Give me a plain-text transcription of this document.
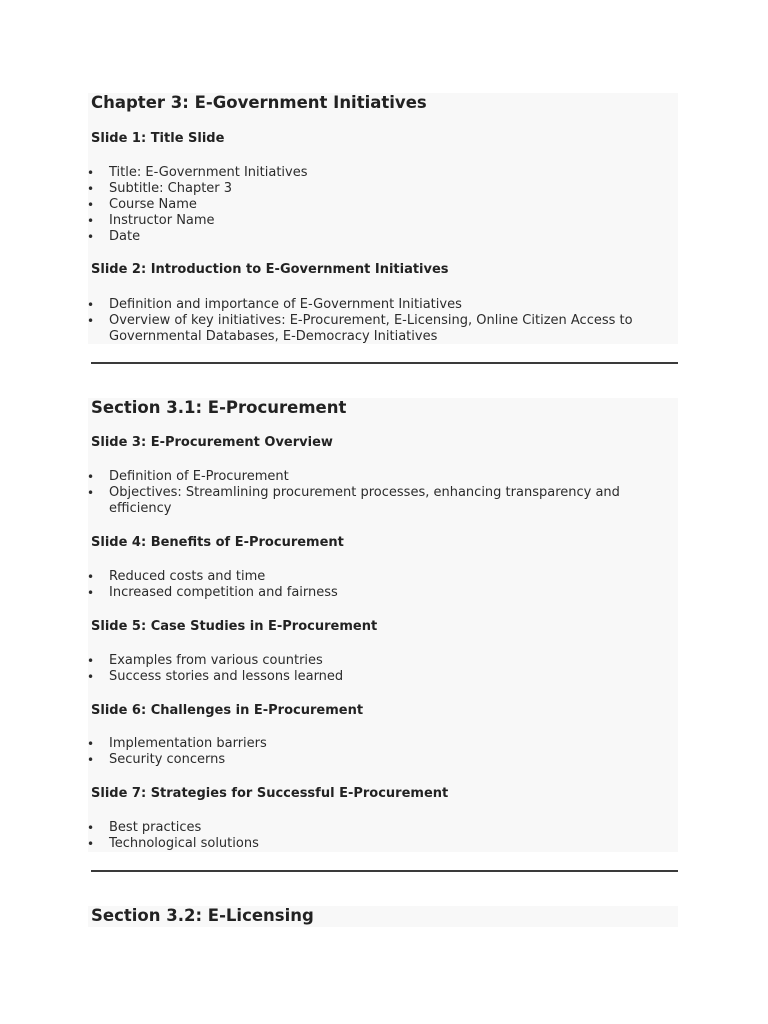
Chapter 3: E-Government Initiatives
Slide 1: Title Slide
• Title: E-Government Initiatives
• Subtitle: Chapter 3
• Course Name
• Instructor Name
• Date
Slide 2: Introduction to E-Government Initiatives
• Definition and importance of E-Government Initiatives
• Overview of key initiatives: E-Procurement, E-Licensing, Online Citizen Access to Governmental Databases, E-Democracy Initiatives
Section 3.1: E-Procurement
Slide 3: E-Procurement Overview
• Definition of E-Procurement
• Objectives: Streamlining procurement processes, enhancing transparency and efficiency
Slide 4: Benefits of E-Procurement
• Reduced costs and time
• Increased competition and fairness
Slide 5: Case Studies in E-Procurement
• Examples from various countries
• Success stories and lessons learned
Slide 6: Challenges in E-Procurement
• Implementation barriers
• Security concerns
Slide 7: Strategies for Successful E-Procurement
• Best practices
• Technological solutions
Section 3.2: E-Licensing
